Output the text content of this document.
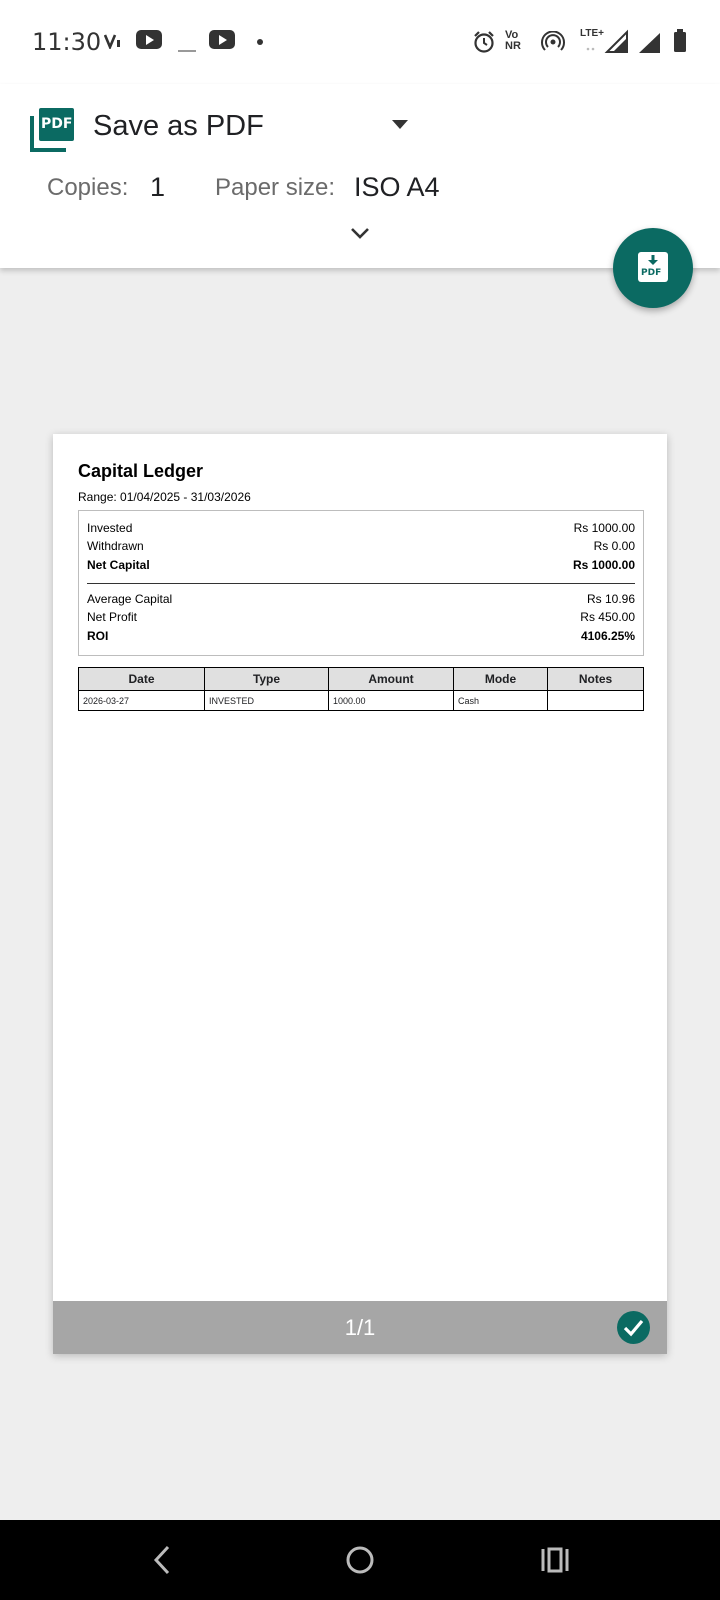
11:30	Vo
NR
LTE+
PDF Save as PDF
Copies: 1 Paper size: ISO A4
PDF
Capital Ledger
Range: 01/04/2025 - 31/03/2026
Invested	Rs 1000.00
Withdrawn	Rs 0.00
Net Capital	Rs 1000.00
Average Capital	Rs 10.96
Net Profit	Rs 450.00
ROI	4106.25%
Date	Type	Amount	Mode	Notes
2026-03-27	INVESTED	1000.00	Cash	
1/1
